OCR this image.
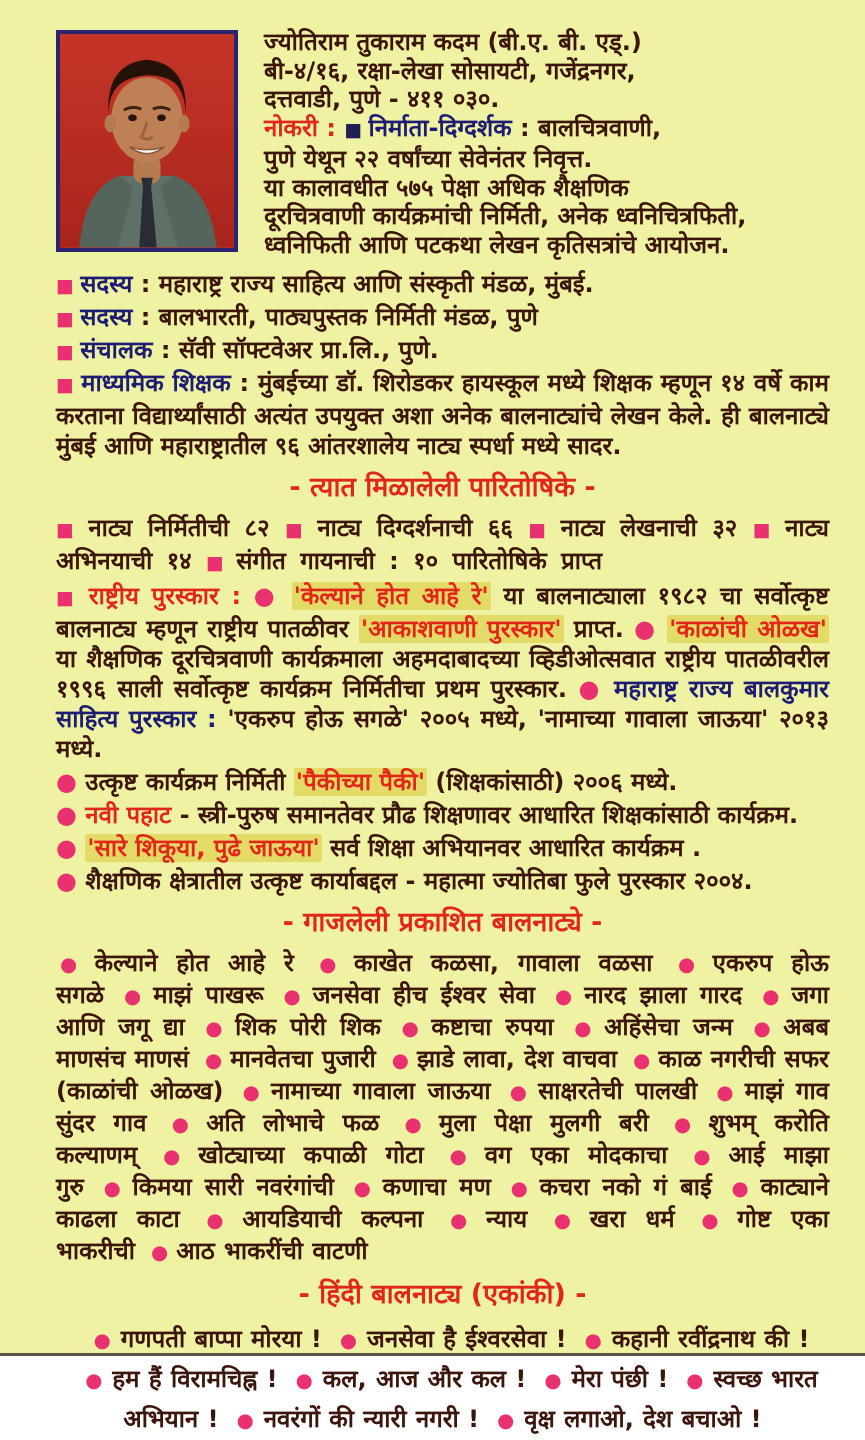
ज्योतिराम तुकाराम कदम (बी.ए. बी. एड्.)
बी-४/१६, रक्षा-लेखा सोसायटी, गजेंद्रनगर,
दत्तवाडी, पुणे - ४११ ०३०.
नोकरी : ■ निर्माता-दिग्दर्शक : बालचित्रवाणी,
पुणे येथून २२ वर्षांच्या सेवेनंतर निवृत्त.
या कालावधीत ५७५ पेक्षा अधिक शैक्षणिक
दूरचित्रवाणी कार्यक्रमांची निर्मिती, अनेक ध्वनिचित्रफिती,
ध्वनिफिती आणि पटकथा लेखन कृतिसत्रांचे आयोजन.

■ सदस्य : महाराष्ट्र राज्य साहित्य आणि संस्कृती मंडळ, मुंबई.

■ सदस्य : बालभारती, पाठ्यपुस्तक निर्मिती मंडळ, पुणे

■ संचालक : सॅवी सॉफ्टवेअर प्रा.लि., पुणे.

■ माध्यमिक शिक्षक : मुंबईच्या डॉ. शिरोडकर हायस्कूल मध्ये शिक्षक म्हणून १४ वर्षे काम करताना विद्यार्थ्यांसाठी अत्यंत उपयुक्त अशा अनेक बालनाट्यांचे लेखन केले. ही बालनाट्ये मुंबई आणि महाराष्ट्रातील ९६ आंतरशालेय नाट्य स्पर्धा मध्ये सादर.

- त्यात मिळालेली पारितोषिके -

■ नाट्य निर्मितीची ८२ ■ नाट्य दिग्दर्शनाची ६६ ■ नाट्य लेखनाची ३२ ■ नाट्य अभिनयाची १४ ■ संगीत गायनाची : १० पारितोषिके प्राप्त

■ राष्ट्रीय पुरस्कार : ● 'केल्याने होत आहे रे' या बालनाट्याला १९८२ चा सर्वोत्कृष्ट बालनाट्य म्हणून राष्ट्रीय पातळीवर 'आकाशवाणी पुरस्कार' प्राप्त. ● 'काळांची ओळख' या शैक्षणिक दूरचित्रवाणी कार्यक्रमाला अहमदाबादच्या व्हिडीओत्सवात राष्ट्रीय पातळीवरील १९९६ साली सर्वोत्कृष्ट कार्यक्रम निर्मितीचा प्रथम पुरस्कार. ● महाराष्ट्र राज्य बालकुमार साहित्य पुरस्कार : 'एकरुप होऊ सगळे' २००५ मध्ये, 'नामाच्या गावाला जाऊया' २०१३ मध्ये.

● उत्कृष्ट कार्यक्रम निर्मिती 'पैकीच्या पैकी' (शिक्षकांसाठी) २००६ मध्ये.

● नवी पहाट - स्त्री-पुरुष समानतेवर प्रौढ शिक्षणावर आधारित शिक्षकांसाठी कार्यक्रम.

● 'सारे शिकूया, पुढे जाऊया' सर्व शिक्षा अभियानवर आधारित कार्यक्रम .

● शैक्षणिक क्षेत्रातील उत्कृष्ट कार्याबद्दल - महात्मा ज्योतिबा फुले पुरस्कार २००४.

- गाजलेली प्रकाशित बालनाट्ये -

● केल्याने होत आहे रे ● काखेत कळसा, गावाला वळसा ● एकरुप होऊ सगळे ● माझं पाखरू ● जनसेवा हीच ईश्वर सेवा ● नारद झाला गारद ● जगा आणि जगू द्या ● शिक पोरी शिक ● कष्टाचा रुपया ● अहिंसेचा जन्म ● अबब माणसंच माणसं ● मानवेतचा पुजारी ● झाडे लावा, देश वाचवा ● काळ नगरीची सफर (काळांची ओळख) ● नामाच्या गावाला जाऊया ● साक्षरतेची पालखी ● माझं गाव सुंदर गाव ● अति लोभाचे फळ ● मुला पेक्षा मुलगी बरी ● शुभम् करोति कल्याणम् ● खोट्याच्या कपाळी गोटा ● वग एका मोदकाचा ● आई माझा गुरु ● किमया सारी नवरंगांची ● कणाचा मण ● कचरा नको गं बाई ● काट्याने काढला काटा ● आयडियाची कल्पना ● न्याय ● खरा धर्म ● गोष्ट एका भाकरीची ● आठ भाकरींची वाटणी

- हिंदी बालनाट्य (एकांकी) -

● गणपती बाप्पा मोरया ! ● जनसेवा है ईश्वरसेवा ! ● कहानी रवींद्रनाथ की !● हम हैं विरामचिह्न ! ● कल, आज और कल ! ● मेरा पंछी ! ● स्वच्छ भारत अभियान ! ● नवरंगों की न्यारी नगरी ! ● वृक्ष लगाओ, देश बचाओ !
